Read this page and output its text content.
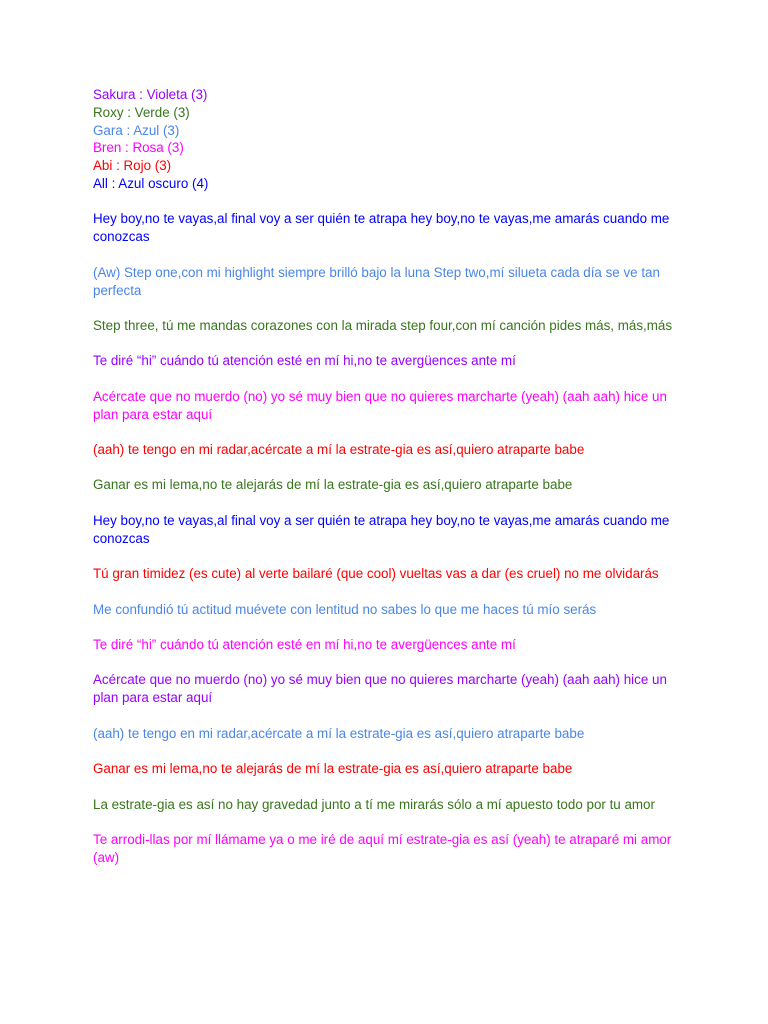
Sakura : Violeta (3)

Roxy : Verde (3)

Gara : Azul (3)

Bren : Rosa (3)

Abi : Rojo (3)

All : Azul oscuro (4)

Hey boy,no te vayas,al final voy a ser quién te atrapa hey boy,no te vayas,me amarás cuando me conozcas

(Aw) Step one,con mi highlight siempre brilló bajo la luna Step two,mí silueta cada día se ve tan perfecta

Step three, tú me mandas corazones con la mirada step four,con mí canción pides más, más,más

Te diré “hi” cuándo tú atención esté en mí hi,no te avergüences ante mí

Acércate que no muerdo (no) yo sé muy bien que no quieres marcharte (yeah) (aah aah) hice un plan para estar aquí

(aah) te tengo en mi radar,acércate a mí la estrate-gia es así,quiero atraparte babe

Ganar es mi lema,no te alejarás de mí la estrate-gia es así,quiero atraparte babe

Hey boy,no te vayas,al final voy a ser quién te atrapa hey boy,no te vayas,me amarás cuando me conozcas

Tú gran timidez (es cute) al verte bailaré (que cool) vueltas vas a dar (es cruel) no me olvidarás

Me confundió tú actitud muévete con lentitud no sabes lo que me haces tú mío serás

Te diré “hi” cuándo tú atención esté en mí hi,no te avergüences ante mí

Acércate que no muerdo (no) yo sé muy bien que no quieres marcharte (yeah) (aah aah) hice un plan para estar aquí

(aah) te tengo en mi radar,acércate a mí la estrate-gia es así,quiero atraparte babe

Ganar es mi lema,no te alejarás de mí la estrate-gia es así,quiero atraparte babe

La estrate-gia es así no hay gravedad junto a tí me mirarás sólo a mí apuesto todo por tu amor

Te arrodi-llas por mí llámame ya o me iré de aquí mí estrate-gia es así (yeah) te atraparé mi amor (aw)
